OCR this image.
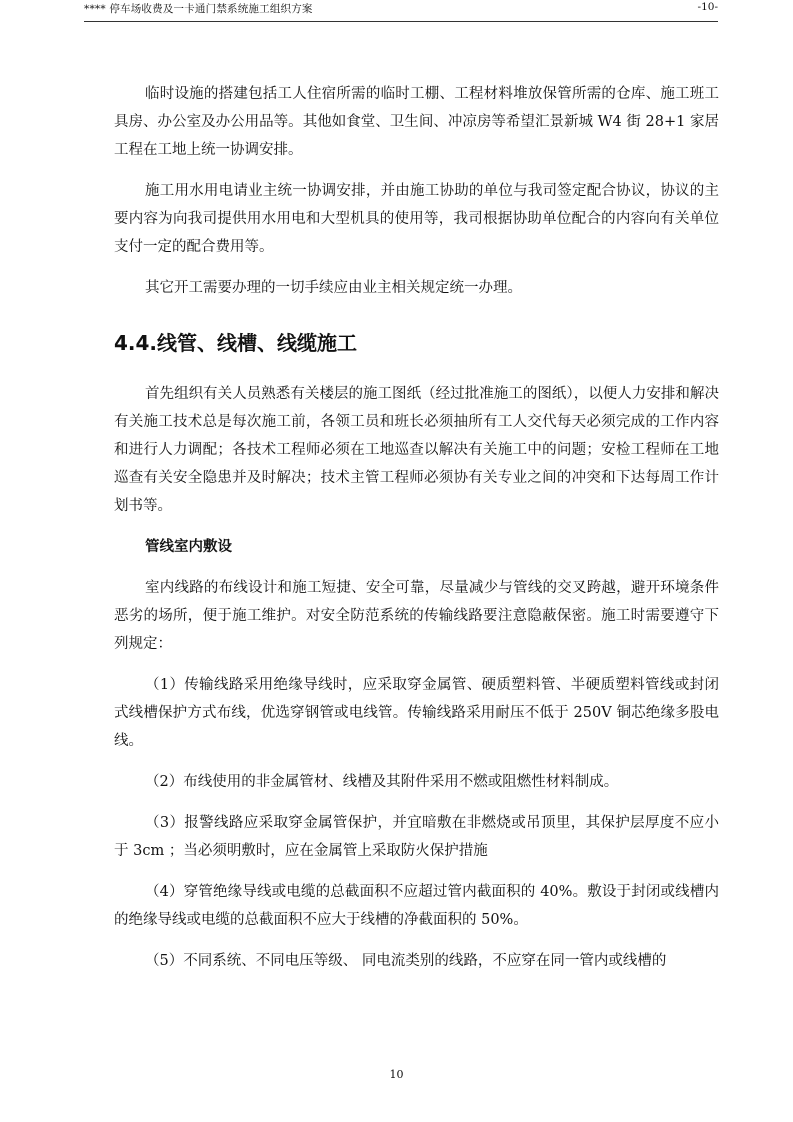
**** 停车场收费及一卡通门禁系统施工组织方案	-10-

临时设施的搭建包括工人住宿所需的临时工棚、工程材料堆放保管所需的仓库、施工班工具房、办公室及办公用品等。其他如食堂、卫生间、冲凉房等希望汇景新城 W4 街 28+1 家居工程在工地上统一协调安排。

施工用水用电请业主统一协调安排，并由施工协助的单位与我司签定配合协议，协议的主要内容为向我司提供用水用电和大型机具的使用等，我司根据协助单位配合的内容向有关单位支付一定的配合费用等。

其它开工需要办理的一切手续应由业主相关规定统一办理。

4.4.线管、线槽、线缆施工

首先组织有关人员熟悉有关楼层的施工图纸（经过批准施工的图纸），以便人力安排和解决有关施工技术总是每次施工前，各领工员和班长必须抽所有工人交代每天必须完成的工作内容和进行人力调配；各技术工程师必须在工地巡查以解决有关施工中的问题；安检工程师在工地巡查有关安全隐患并及时解决；技术主管工程师必须协有关专业之间的冲突和下达每周工作计划书等。

管线室内敷设

室内线路的布线设计和施工短捷、安全可靠，尽量减少与管线的交叉跨越，避开环境条件恶劣的场所，便于施工维护。对安全防范系统的传输线路要注意隐蔽保密。施工时需要遵守下列规定：

（1）传输线路采用绝缘导线时，应采取穿金属管、硬质塑料管、半硬质塑料管线或封闭式线槽保护方式布线，优选穿钢管或电线管。传输线路采用耐压不低于 250V 铜芯绝缘多股电线。

（2）布线使用的非金属管材、线槽及其附件采用不燃或阻燃性材料制成。

（3）报警线路应采取穿金属管保护，并宜暗敷在非燃烧或吊顶里，其保护层厚度不应小于 3cm ；当必须明敷时，应在金属管上采取防火保护措施

（4）穿管绝缘导线或电缆的总截面积不应超过管内截面积的 40%。敷设于封闭或线槽内的绝缘导线或电缆的总截面积不应大于线槽的净截面积的 50%。

（5）不同系统、不同电压等级、 同电流类别的线路，不应穿在同一管内或线槽的

10
